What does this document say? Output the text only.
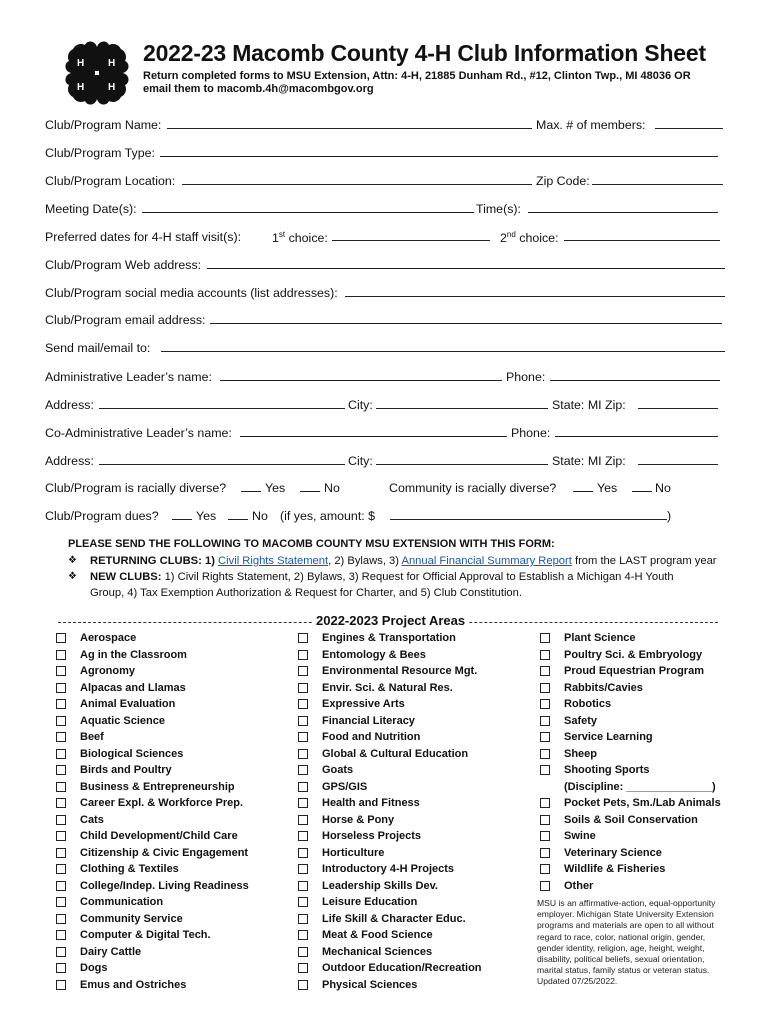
H H
H H
2022-23 Macomb County 4-H Club Information Sheet
Return completed forms to MSU Extension, Attn: 4-H, 21885 Dunham Rd., #12, Clinton Twp., MI 48036 OR email them to macomb.4h@macombgov.org
Club/Program Name:	Max. # of members:
Club/Program Type:
Club/Program Location:	Zip Code:
Meeting Date(s):	Time(s):
Preferred dates for 4-H staff visit(s): 1st choice:	2nd choice:
Club/Program Web address:
Club/Program social media accounts (list addresses):
Club/Program email address:
Send mail/email to:
Administrative Leader’s name:	Phone:
Address:	City:	State: MI Zip:
Co-Administrative Leader’s name:	Phone:
Address:	City:	State: MI Zip:
Club/Program is racially diverse?	Yes	No	Community is racially diverse?	Yes	No
Club/Program dues?	Yes	No (if yes, amount: $	)
PLEASE SEND THE FOLLOWING TO MACOMB COUNTY MSU EXTENSION WITH THIS FORM:
❖ RETURNING CLUBS: 1) Civil Rights Statement, 2) Bylaws, 3) Annual Financial Summary Report from the LAST program year
❖ NEW CLUBS: 1) Civil Rights Statement, 2) Bylaws, 3) Request for Official Approval to Establish a Michigan 4-H Youth
Group, 4) Tax Exemption Authorization & Request for Charter, and 5) Club Constitution.
2022-2023 Project Areas
Aerospace
Ag in the Classroom
Agronomy
Alpacas and Llamas
Animal Evaluation
Aquatic Science
Beef
Biological Sciences
Birds and Poultry
Business & Entrepreneurship
Career Expl. & Workforce Prep.
Cats
Child Development/Child Care
Citizenship & Civic Engagement
Clothing & Textiles
College/Indep. Living Readiness
Communication
Community Service
Computer & Digital Tech.
Dairy Cattle
Dogs
Emus and Ostriches
Engines & Transportation
Entomology & Bees
Environmental Resource Mgt.
Envir. Sci. & Natural Res.
Expressive Arts
Financial Literacy
Food and Nutrition
Global & Cultural Education
Goats
GPS/GIS
Health and Fitness
Horse & Pony
Horseless Projects
Horticulture
Introductory 4-H Projects
Leadership Skills Dev.
Leisure Education
Life Skill & Character Educ.
Meat & Food Science
Mechanical Sciences
Outdoor Education/Recreation
Physical Sciences
Plant Science
Poultry Sci. & Embryology
Proud Equestrian Program
Rabbits/Cavies
Robotics
Safety
Service Learning
Sheep
Shooting Sports
(Discipline: ______________)
Pocket Pets, Sm./Lab Animals
Soils & Soil Conservation
Swine
Veterinary Science
Wildlife & Fisheries
Other
MSU is an affirmative-action, equal-opportunity employer. Michigan State University Extension programs and materials are open to all without regard to race, color, national origin, gender, gender identity, religion, age, height, weight, disability, political beliefs, sexual orientation, marital status, family status or veteran status. Updated 07/25/2022.
